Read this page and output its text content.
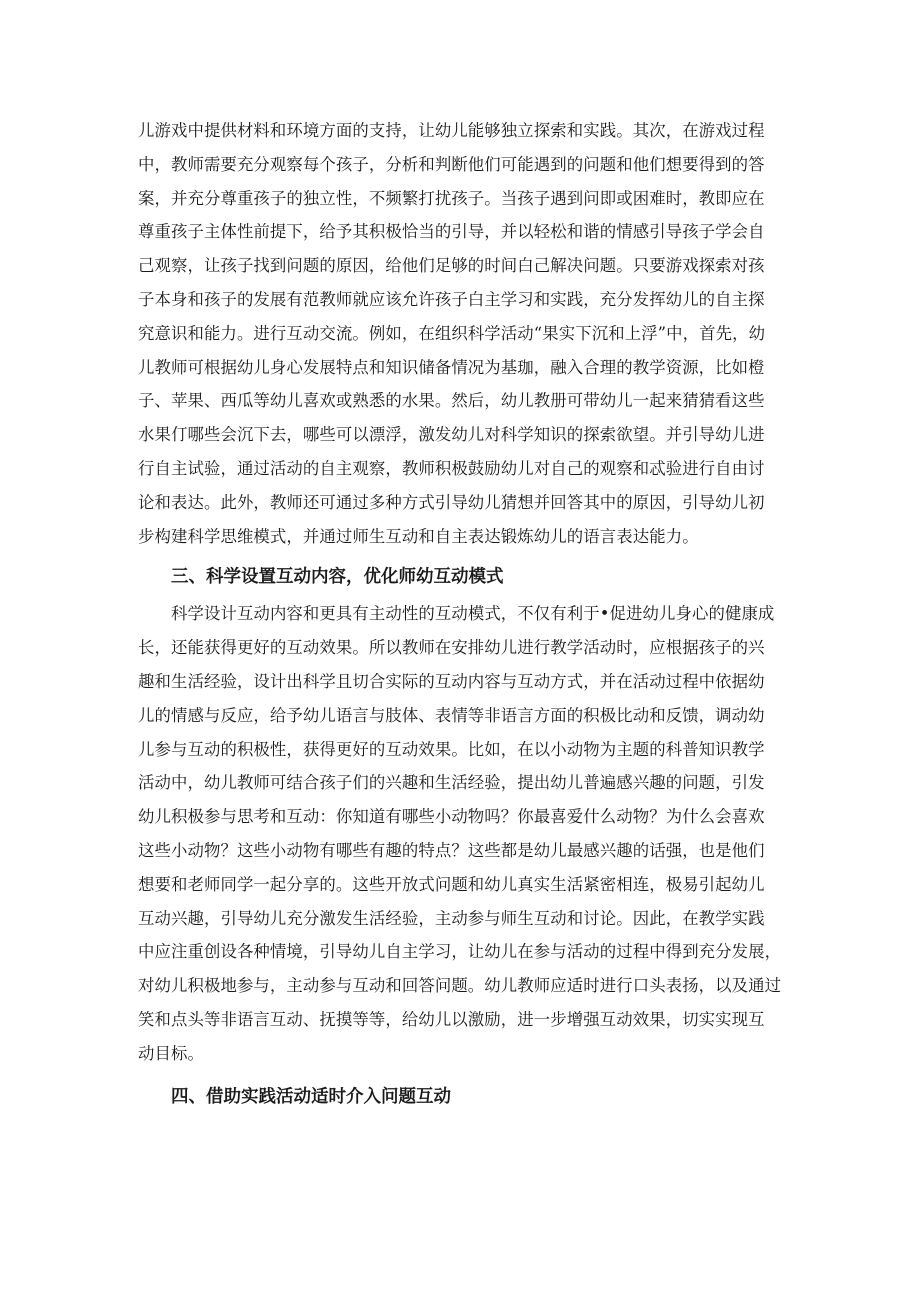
儿游戏中提供材料和环境方面的支持，让幼儿能够独立探索和实践。其次，在游戏过程
中，教师需要充分观察每个孩子，分析和判断他们可能遇到的问题和他们想要得到的答
案，并充分尊重孩子的独立性，不频繁打扰孩子。当孩子遇到问即或困难时，教即应在
尊重孩子主体性前提下，给予其积极恰当的引导，并以轻松和谐的情感引导孩子学会自
己观察，让孩子找到问题的原因，给他们足够的时间白己解决问题。只要游戏探索对孩
子本身和孩子的发展有范教师就应该允许孩子白主学习和实践，充分发挥幼儿的自主探
究意识和能力。进行互动交流。例如，在组织科学活动“果实下沉和上浮”中，首先，幼
儿教师可根据幼儿身心发展特点和知识储备情况为基珈，融入合理的教学资源，比如橙
子、苹果、西瓜等幼儿喜欢或熟悉的水果。然后，幼儿教册可带幼儿一起来猜猜看这些
水果仃哪些会沉下去，哪些可以漂浮，激发幼儿对科学知识的探索欲望。并引导幼儿进
行自主试验，通过活动的自主观察，教师积极鼓励幼儿对自己的观察和忒验进行自由讨
论和表达。此外，教师还可通过多种方式引导幼儿猜想并回答其中的原因，引导幼儿初
步构建科学思维模式，并通过师生互动和自主表达锻炼幼儿的语言表达能力。
三、科学设置互动内容，优化师幼互动模式
科学设计互动内容和更具有主动性的互动模式，不仅有利于•促进幼儿身心的健康成
长，还能获得更好的互动效果。所以教师在安排幼儿进行教学活动时，应根据孩子的兴
趣和生活经验，设计出科学且切合实际的互动内容与互动方式，并在活动过程中依据幼
儿的情感与反应，给予幼儿语言与肢体、表情等非语言方面的积极比动和反馈，调动幼
儿参与互动的积极性，获得更好的互动效果。比如，在以小动物为主题的科普知识教学
活动中，幼儿教师可结合孩子们的兴趣和生活经验，提出幼儿普遍感兴趣的问题，引发
幼儿积极参与思考和互动：你知道有哪些小动物吗？你最喜爱什么动物？为什么会喜欢
这些小动物？这些小动物有哪些有趣的特点？这些都是幼儿最感兴趣的话强，也是他们
想要和老师同学一起分享的。这些开放式问题和幼儿真实生活紧密相连，极易引起幼儿
互动兴趣，引导幼儿充分激发生活经验，主动参与师生互动和讨论。因此，在教学实践
中应注重创设各种情境，引导幼儿自主学习，让幼儿在参与活动的过程中得到充分发展，
对幼儿积极地参与，主动参与互动和回答问题。幼儿教师应适时进行口头表扬，以及通过
笑和点头等非语言互动、抚摸等等，给幼儿以激励，进一步增强互动效果，切实实现互
动目标。
四、借助实践活动适时介入问题互动
